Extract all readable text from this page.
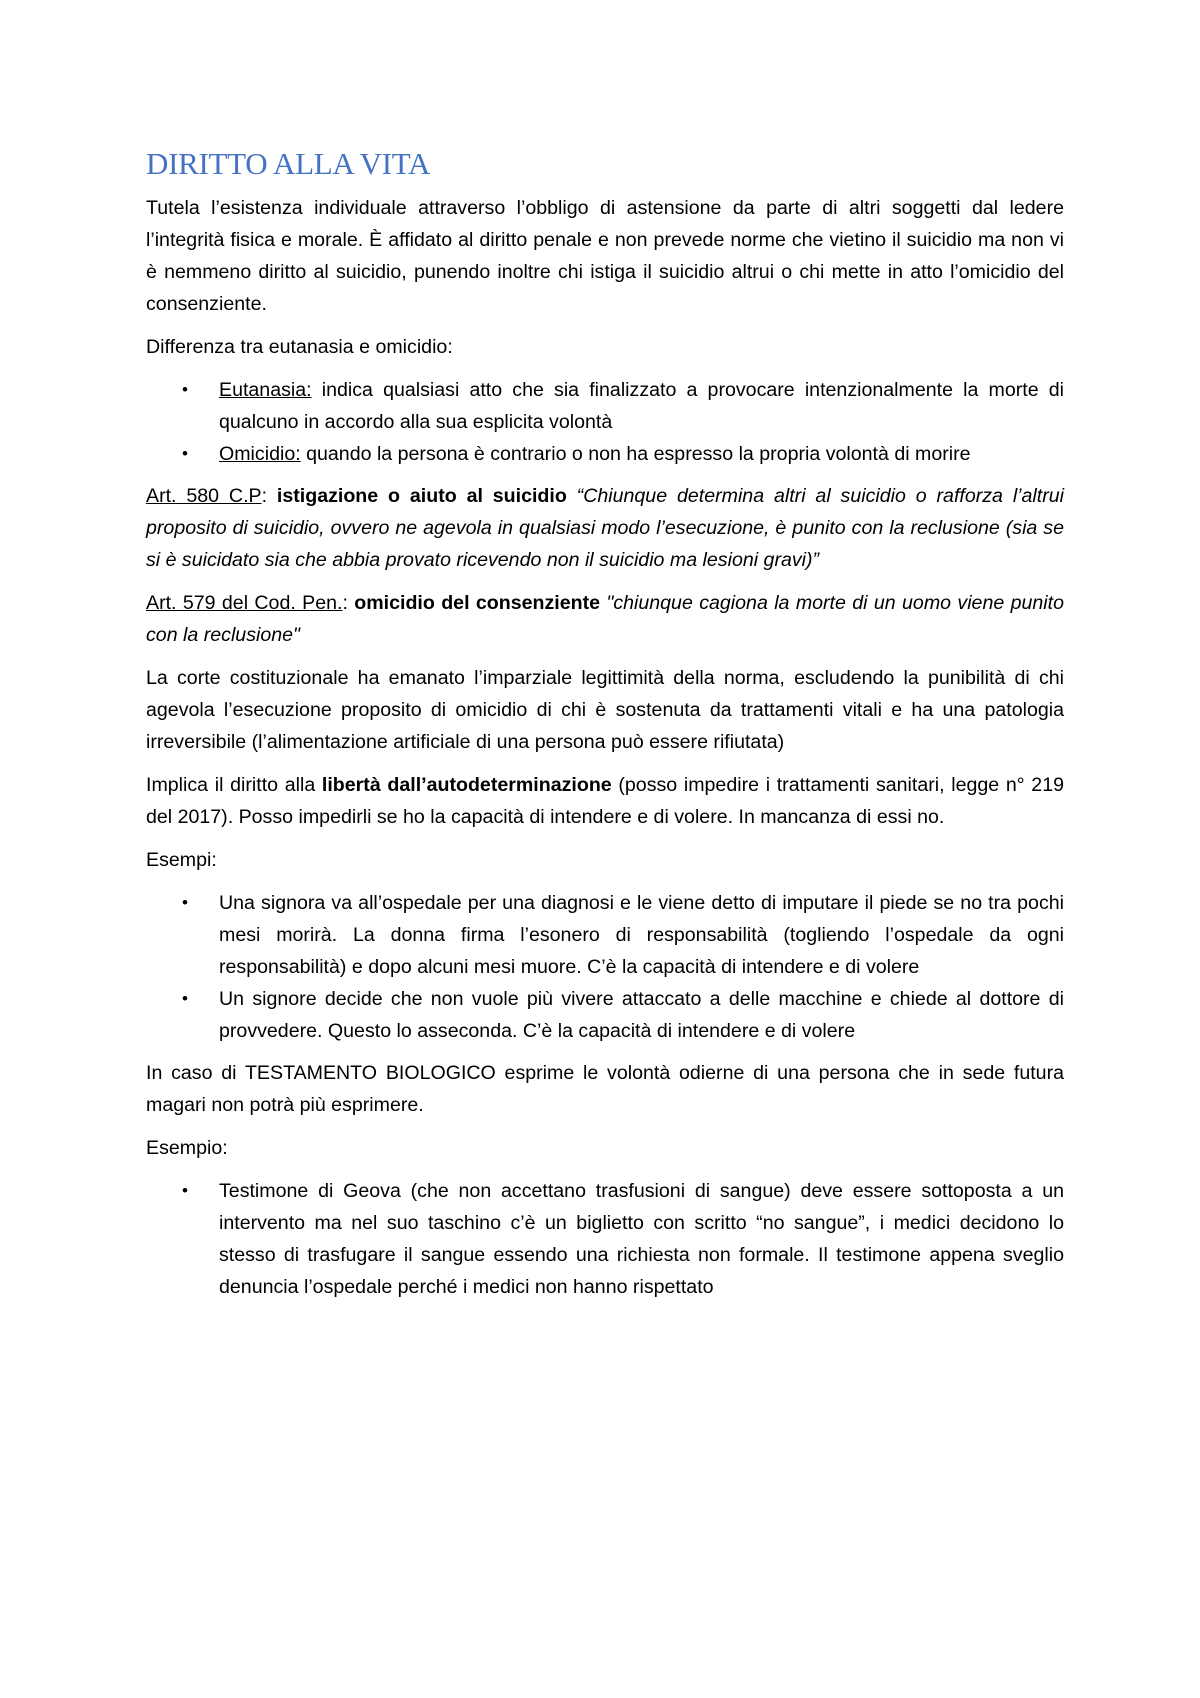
DIRITTO ALLA VITA

Tutela l’esistenza individuale attraverso l’obbligo di astensione da parte di altri soggetti dal ledere l’integrità fisica e morale. È affidato al diritto penale e non prevede norme che vietino il suicidio ma non vi è nemmeno diritto al suicidio, punendo inoltre chi istiga il suicidio altrui o chi mette in atto l’omicidio del consenziente.

Differenza tra eutanasia e omicidio:

• Eutanasia: indica qualsiasi atto che sia finalizzato a provocare intenzionalmente la morte di qualcuno in accordo alla sua esplicita volontà
• Omicidio: quando la persona è contrario o non ha espresso la propria volontà di morire

Art. 580 C.P: istigazione o aiuto al suicidio “Chiunque determina altri al suicidio o rafforza l’altrui proposito di suicidio, ovvero ne agevola in qualsiasi modo l’esecuzione, è punito con la reclusione (sia se si è suicidato sia che abbia provato ricevendo non il suicidio ma lesioni gravi)”

Art. 579 del Cod. Pen.: omicidio del consenziente "chiunque cagiona la morte di un uomo viene punito con la reclusione"

La corte costituzionale ha emanato l’imparziale legittimità della norma, escludendo la punibilità di chi agevola l’esecuzione proposito di omicidio di chi è sostenuta da trattamenti vitali e ha una patologia irreversibile (l’alimentazione artificiale di una persona può essere rifiutata)

Implica il diritto alla libertà dall’autodeterminazione (posso impedire i trattamenti sanitari, legge n° 219 del 2017). Posso impedirli se ho la capacità di intendere e di volere. In mancanza di essi no.

Esempi:

• Una signora va all’ospedale per una diagnosi e le viene detto di imputare il piede se no tra pochi mesi morirà. La donna firma l’esonero di responsabilità (togliendo l’ospedale da ogni responsabilità) e dopo alcuni mesi muore. C’è la capacità di intendere e di volere
• Un signore decide che non vuole più vivere attaccato a delle macchine e chiede al dottore di provvedere. Questo lo asseconda. C’è la capacità di intendere e di volere

In caso di TESTAMENTO BIOLOGICO esprime le volontà odierne di una persona che in sede futura magari non potrà più esprimere.

Esempio:

• Testimone di Geova (che non accettano trasfusioni di sangue) deve essere sottoposta a un intervento ma nel suo taschino c’è un biglietto con scritto “no sangue”, i medici decidono lo stesso di trasfugare il sangue essendo una richiesta non formale. Il testimone appena sveglio denuncia l’ospedale perché i medici non hanno rispettato
